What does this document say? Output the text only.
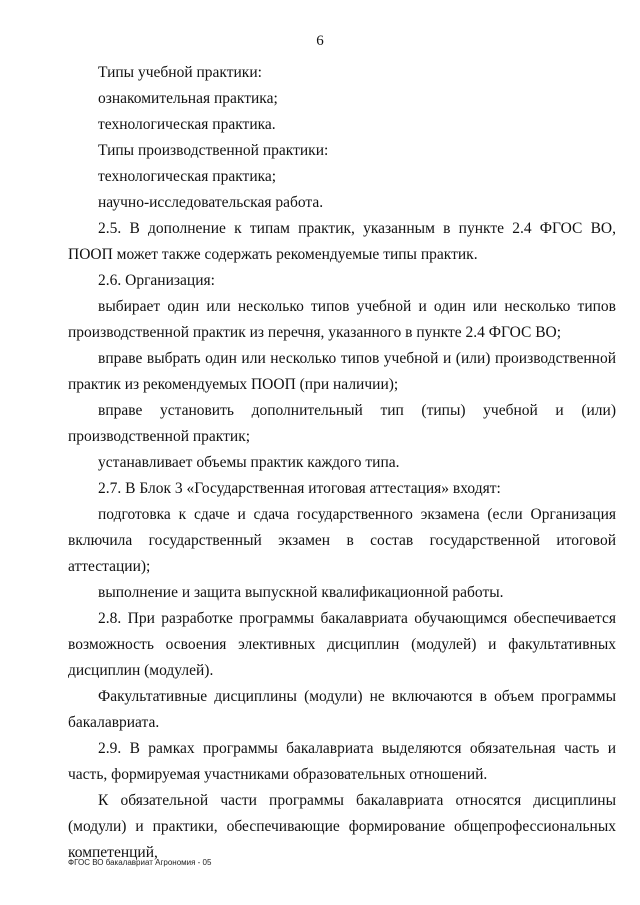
6

Типы учебной практики:

ознакомительная практика;

технологическая практика.

Типы производственной практики:

технологическая практика;

научно-исследовательская работа.

2.5. В дополнение к типам практик, указанным в пункте 2.4 ФГОС ВО, ПООП может также содержать рекомендуемые типы практик.

2.6. Организация:

выбирает один или несколько типов учебной и один или несколько типов производственной практик из перечня, указанного в пункте 2.4 ФГОС ВО;

вправе выбрать один или несколько типов учебной и (или) производственной практик из рекомендуемых ПООП (при наличии);

вправе установить дополнительный тип (типы) учебной и (или) производственной практик;

устанавливает объемы практик каждого типа.

2.7. В Блок 3 «Государственная итоговая аттестация» входят:

подготовка к сдаче и сдача государственного экзамена (если Организация включила государственный экзамен в состав государственной итоговой аттестации);

выполнение и защита выпускной квалификационной работы.

2.8. При разработке программы бакалавриата обучающимся обеспечивается возможность освоения элективных дисциплин (модулей) и факультативных дисциплин (модулей).

Факультативные дисциплины (модули) не включаются в объем программы бакалавриата.

2.9. В рамках программы бакалавриата выделяются обязательная часть и часть, формируемая участниками образовательных отношений.

К обязательной части программы бакалавриата относятся дисциплины (модули) и практики, обеспечивающие формирование общепрофессиональных компетенций,

ФГОС ВО бакалавриат Агрономия - 05
